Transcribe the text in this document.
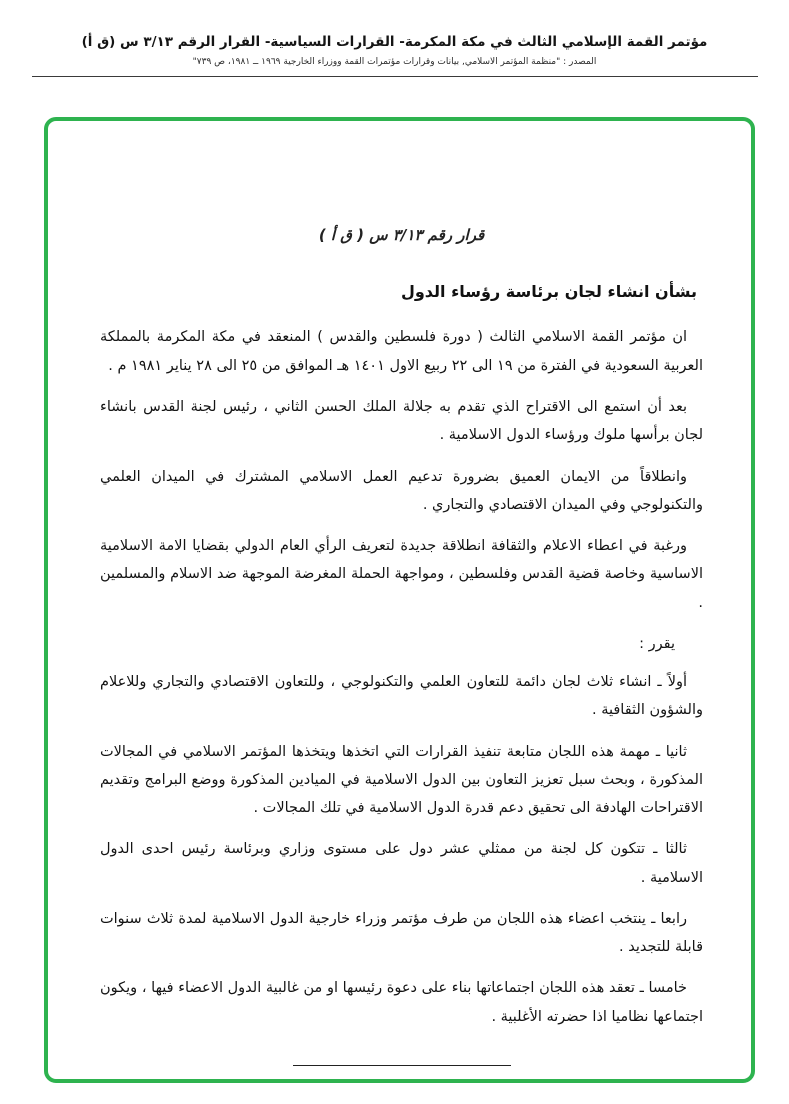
مؤتمر القمة الإسلامي الثالث في مكة المكرمة- القرارات السياسية- القرار الرقم ٣/١٣ س (ق أ)
المصدر : "منظمة المؤتمر الاسلامي, بيانات وقرارات مؤتمرات القمة ووزراء الخارجية ١٩٦٩ ــ ١٩٨١، ص ٧٣٩"
قرار رقم ٣/١٣ س ( ق أ )
بشأن انشاء لجان برئاسة رؤساء الدول

ان مؤتمر القمة الاسلامي الثالث ( دورة فلسطين والقدس ) المنعقد في مكة المكرمة بالمملكة العربية السعودية في الفترة من ١٩ الى ٢٢ ربيع الاول ١٤٠١ هـ الموافق من ٢٥ الى ٢٨ يناير ١٩٨١ م .

بعد أن استمع الى الاقتراح الذي تقدم به جلالة الملك الحسن الثاني ، رئيس لجنة القدس بانشاء لجان برأسها ملوك ورؤساء الدول الاسلامية .

وانطلاقاً من الايمان العميق بضرورة تدعيم العمل الاسلامي المشترك في الميدان العلمي والتكنولوجي وفي الميدان الاقتصادي والتجاري .

ورغبة في اعطاء الاعلام والثقافة انطلاقة جديدة لتعريف الرأي العام الدولي بقضايا الامة الاسلامية الاساسية وخاصة قضية القدس وفلسطين ، ومواجهة الحملة المغرضة الموجهة ضد الاسلام والمسلمين .

يقرر :

أولاً ـ انشاء ثلاث لجان دائمة للتعاون العلمي والتكنولوجي ، وللتعاون الاقتصادي والتجاري وللاعلام والشؤون الثقافية .

ثانيا ـ مهمة هذه اللجان متابعة تنفيذ القرارات التي اتخذها ويتخذها المؤتمر الاسلامي في المجالات المذكورة ، وبحث سبل تعزيز التعاون بين الدول الاسلامية في الميادين المذكورة ووضع البرامج وتقديم الاقتراحات الهادفة الى تحقيق دعم قدرة الدول الاسلامية في تلك المجالات .

ثالثا ـ تتكون كل لجنة من ممثلي عشر دول على مستوى وزاري وبرئاسة رئيس احدى الدول الاسلامية .

رابعا ـ ينتخب اعضاء هذه اللجان من طرف مؤتمر وزراء خارجية الدول الاسلامية لمدة ثلاث سنوات قابلة للتجديد .

خامسا ـ تعقد هذه اللجان اجتماعاتها بناء على دعوة رئيسها او من غالبية الدول الاعضاء فيها ، ويكون اجتماعها نظاميا اذا حضرته الأغلبية .
